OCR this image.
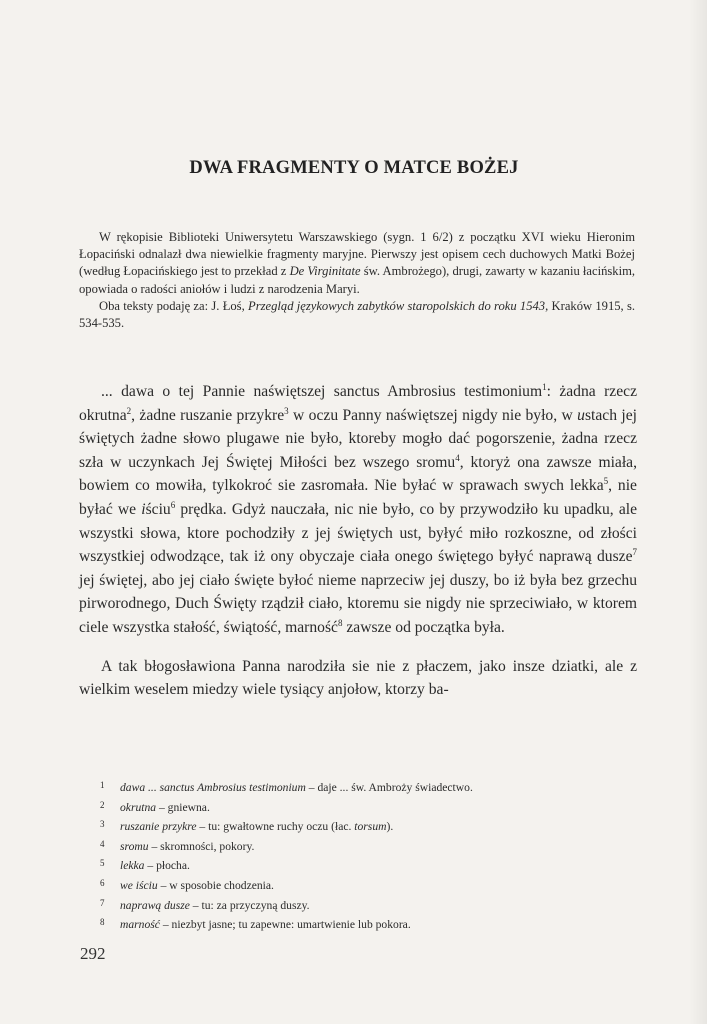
DWA FRAGMENTY O MATCE BOŻEJ

W rękopisie Biblioteki Uniwersytetu Warszawskiego (sygn. 1 6/2) z początku XVI wieku Hieronim Łopaciński odnalazł dwa niewielkie fragmenty maryjne. Pierwszy jest opisem cech duchowych Matki Bożej (według Łopacińskiego jest to przekład z De Virginitate św. Ambrożego), drugi, zawarty w kazaniu łacińskim, opowiada o radości aniołów i ludzi z narodzenia Maryi.

Oba teksty podaję za: J. Łoś, Przegląd językowych zabytków staropolskich do roku 1543, Kraków 1915, s. 534-535.

... dawa o tej Pannie naświętszej sanctus Ambrosius testimonium$^1$: żadna rzecz okrutna$^2$, żadne ruszanie przykre$^3$ w oczu Panny naświętszej nigdy nie było, w ustach jej świętych żadne słowo plugawe nie było, ktoreby mogło dać pogorszenie, żadna rzecz szła w uczynkach Jej Świętej Miłości bez wszego sromu$^4$, ktoryż ona zawsze miała, bowiem co mowiła, tylkokroć sie zasromała. Nie byłać w sprawach swych lekka$^5$, nie byłać we iściu$^6$ prędka. Gdyż nauczała, nic nie było, co by przywodziło ku upadku, ale wszystki słowa, ktore pochodziły z jej świętych ust, byłyć miło rozkoszne, od złości wszystkiej odwodzące, tak iż ony obyczaje ciała onego świętego byłyć naprawą dusze$^7$ jej świętej, abo jej ciało święte byłoć nieme naprzeciw jej duszy, bo iż była bez grzechu pirworodnego, Duch Święty rządził ciało, ktoremu sie nigdy nie sprzeciwiało, w ktorem ciele wszystka stałość, świątość, marność$^8$ zawsze od początka była.

A tak błogosławiona Panna narodziła sie nie z płaczem, jako insze dziatki, ale z wielkim weselem miedzy wiele tysiący anjołow, ktorzy ba-

1	dawa ... sanctus Ambrosius testimonium – daje ... św. Ambroży świadectwo.
2	okrutna – gniewna.
3	ruszanie przykre – tu: gwałtowne ruchy oczu (łac. torsum).
4	sromu – skromności, pokory.
5	lekka – płocha.
6	we iściu – w sposobie chodzenia.
7	naprawą dusze – tu: za przyczyną duszy.
8	marność – niezbyt jasne; tu zapewne: umartwienie lub pokora.
292
